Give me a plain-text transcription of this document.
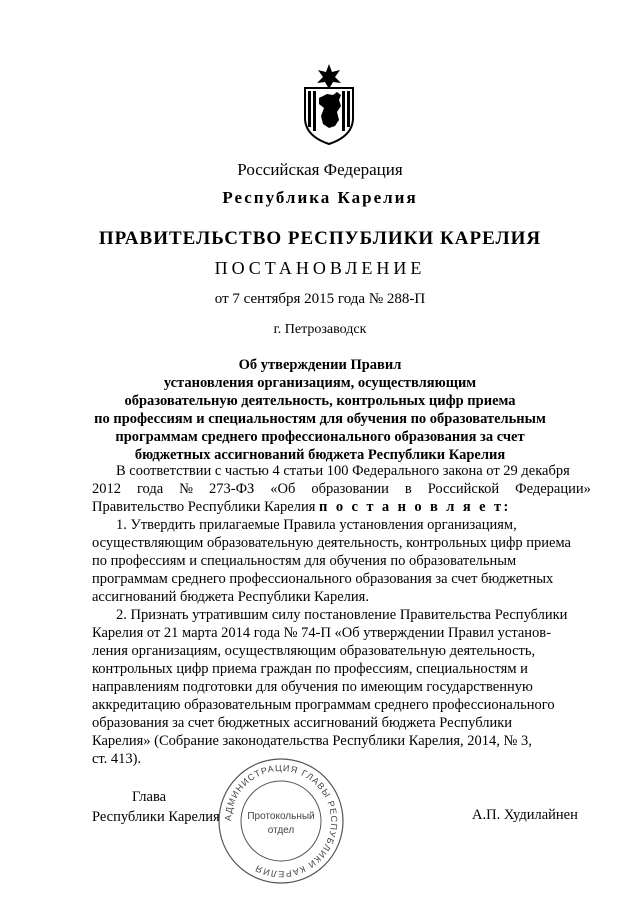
Российская Федерация
Республика Карелия
ПРАВИТЕЛЬСТВО РЕСПУБЛИКИ КАРЕЛИЯ
ПОСТАНОВЛЕНИЕ
от 7 сентября 2015 года № 288-П
г. Петрозаводск
Об утверждении Правил
установления организациям, осуществляющим
образовательную деятельность, контрольных цифр приема
по профессиям и специальностям для обучения по образовательным
программам среднего профессионального образования за счет
бюджетных ассигнований бюджета Республики Карелия
В соответствии с частью 4 статьи 100 Федерального закона от 29 декабря
2012 года № 273-ФЗ «Об образовании в Российской Федерации»
Правительство Республики Карелия п о с т а н о в л я е т:
1. Утвердить прилагаемые Правила установления организациям,
осуществляющим образовательную деятельность, контрольных цифр приема
по профессиям и специальностям для обучения по образовательным
программам среднего профессионального образования за счет бюджетных
ассигнований бюджета Республики Карелия.
2. Признать утратившим силу постановление Правительства Республики
Карелия от 21 марта 2014 года № 74-П «Об утверждении Правил установ-
ления организациям, осуществляющим образовательную деятельность,
контрольных цифр приема граждан по профессиям, специальностям и
направлениям подготовки для обучения по имеющим государственную
аккредитацию образовательным программам среднего профессионального
образования за счет бюджетных ассигнований бюджета Республики
Карелия» (Собрание законодательства Республики Карелия, 2014, № 3,
ст. 413).
Глава
Республики Карелия	А.П. Худилайнен
АДМИНИСТРАЦИЯ ГЛАВЫ РЕСПУБЛИКИ КАРЕЛИЯ
Протокольный
отдел
